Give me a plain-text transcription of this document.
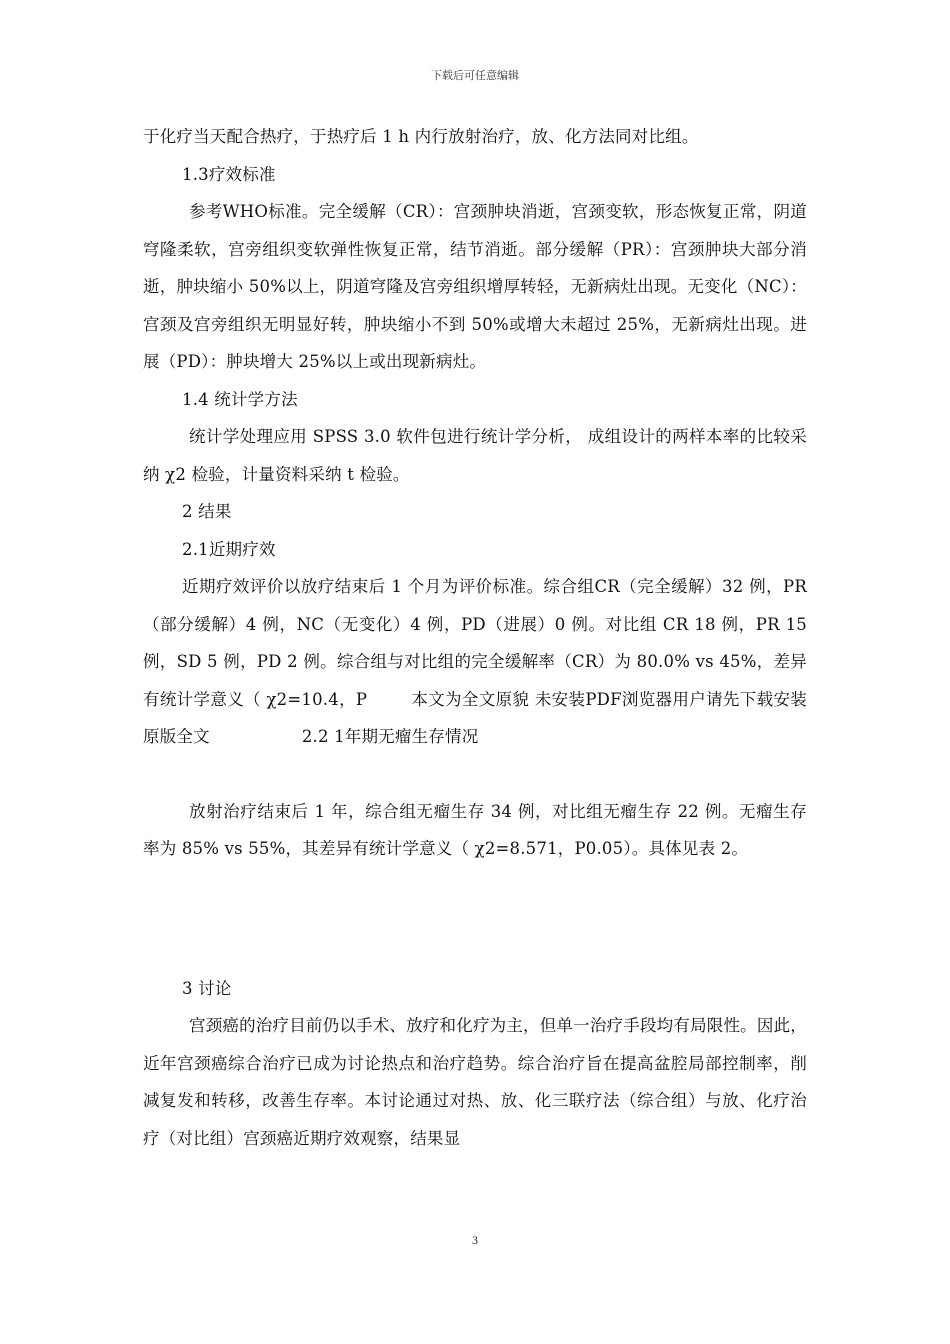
下载后可任意编辑

于化疗当天配合热疗，于热疗后 1 h 内行放射治疗，放、化方法同对比组。

1.3疗效标准

参考WHO标准。完全缓解（CR）：宫颈肿块消逝，宫颈变软，形态恢复正常，阴道穹隆柔软，宫旁组织变软弹性恢复正常，结节消逝。部分缓解（PR）：宫颈肿块大部分消逝，肿块缩小 50%以上，阴道穹隆及宫旁组织增厚转轻，无新病灶出现。无变化（NC）：宫颈及宫旁组织无明显好转，肿块缩小不到 50%或增大未超过 25%，无新病灶出现。进展（PD）：肿块增大 25%以上或出现新病灶。

1.4 统计学方法

统计学处理应用 SPSS 3.0 软件包进行统计学分析， 成组设计的两样本率的比较采纳 χ2 检验，计量资料采纳 t 检验。

2 结果

2.1近期疗效

近期疗效评价以放疗结束后 1 个月为评价标准。综合组CR（完全缓解）32 例，PR（部分缓解）4 例，NC（无变化）4 例，PD（进展）0 例。对比组 CR 18 例，PR 15 例，SD 5 例，PD 2 例。综合组与对比组的完全缓解率（CR）为 80.0% vs 45%，差异有统计学意义（ χ2=10.4，P	本文为全文原貌 未安装PDF浏览器用户请先下载安装 原版全文	2.2 1年期无瘤生存情况

放射治疗结束后 1 年，综合组无瘤生存 34 例，对比组无瘤生存 22 例。无瘤生存率为 85% vs 55%，其差异有统计学意义（ χ2=8.571，P0.05）。具体见表 2。

3 讨论

宫颈癌的治疗目前仍以手术、放疗和化疗为主，但单一治疗手段均有局限性。因此，近年宫颈癌综合治疗已成为讨论热点和治疗趋势。综合治疗旨在提高盆腔局部控制率，削减复发和转移，改善生存率。本讨论通过对热、放、化三联疗法（综合组）与放、化疗治疗（对比组）宫颈癌近期疗效观察，结果显

3
